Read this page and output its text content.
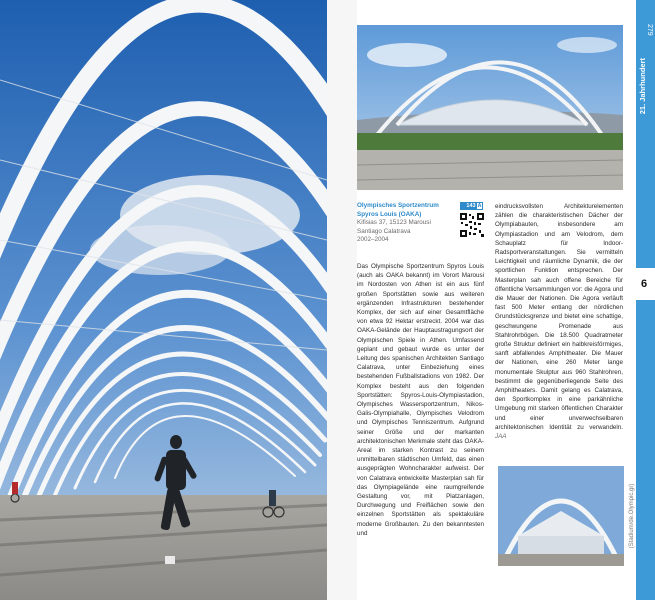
(Stadium/de.Olympic.gr)
279
21. Jahrhundert
6
Olympisches Sportzentrum
Spyros Louis (OAKA)
Kifisias 37, 15123 Marousi
Santiago Calatrava
2002–2004
143 A

Das Olympische Sportzentrum Spyros Louis (auch als OAKA bekannt) im Vorort Marousi im Nordosten von Athen ist ein aus fünf großen Sportstätten sowie aus weiteren ergänzenden Infrastrukturen bestehender Komplex, der sich auf einer Gesamtfläche von etwa 92 Hektar erstreckt. 2004 war das OAKA-Gelände der Hauptaustragungsort der Olympischen Spiele in Athen. Umfassend geplant und gebaut wurde es unter der Leitung des spanischen Architekten Santiago Calatrava, unter Einbeziehung eines bestehenden Fußballstadions von 1982. Der Komplex besteht aus den folgenden Sportstätten: Spyros-Louis-Olympiastadion, Olympisches Wassersportzentrum, Nikos-Galis-Olympiahalle, Olympisches Velodrom und Olympisches Tenniszentrum. Aufgrund seiner Größe und der markanten architektonischen Merkmale steht das OAKA-Areal im starken Kontrast zu seinem unmittelbaren städtischen Umfeld, das einen ausgeprägten Wohncharakter aufweist. Der von Calatrava entwickelte Masterplan sah für das Olympiagelände eine raumgreifende Gestaltung vor, mit Platzanlagen, Durchwegung und Freiflächen sowie den einzelnen Sportstätten als spektakuläre moderne Großbauten. Zu den bekanntesten und

eindrucksvollsten Architekturelementen zählen die charakteristischen Dächer der Olympiabauten, insbesondere am Olympiastadion und am Velodrom, dem Schauplatz für Indoor-Radsportveranstaltungen. Sie vermitteln Leichtigkeit und räumliche Dynamik, die der sportlichen Funktion entsprechen. Der Masterplan sah auch offene Bereiche für öffentliche Versammlungen vor: die Agora und die Mauer der Nationen. Die Agora verläuft fast 500 Meter entlang der nördlichen Grundstücksgrenze und bietet eine schattige, geschwungene Promenade aus Stahlrohrbögen. Die 18.500 Quadratmeter große Struktur definiert ein halbkreisförmiges, sanft abfallendes Amphitheater. Die Mauer der Nationen, eine 260 Meter lange monumentale Skulptur aus 960 Stahlrohren, bestimmt die gegenüberliegende Seite des Amphitheaters. Damit gelang es Calatrava, den Sportkomplex in eine parkähnliche Umgebung mit starken öffentlichen Charakter und einer unverwechselbaren architektonischen Identität zu verwandeln. JAA
